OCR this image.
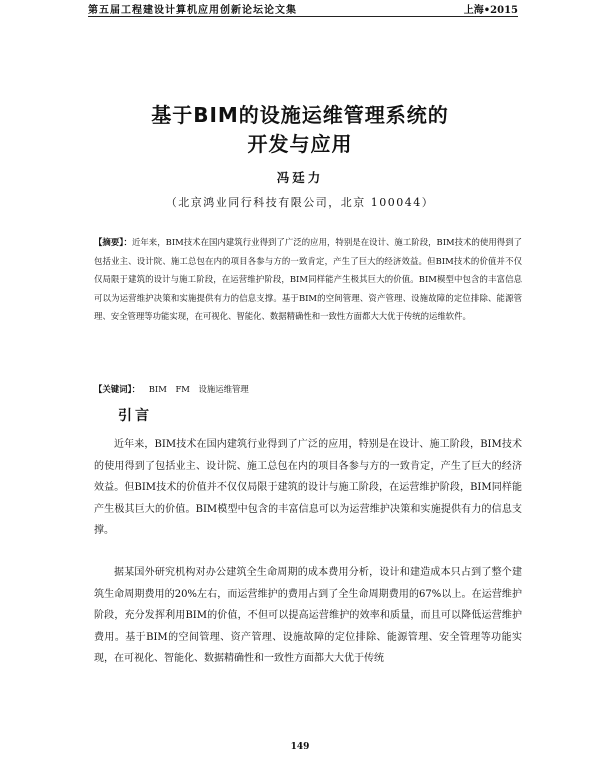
第五届工程建设计算机应用创新论坛论文集	上海•2015
基于BIM的设施运维管理系统的
开发与应用
冯廷力
（北京鸿业同行科技有限公司，北京 100044）
【摘要】：近年来，BIM技术在国内建筑行业得到了广泛的应用，特别是在设计、施工阶段，BIM技术的使用得到了包括业主、设计院、施工总包在内的项目各参与方的一致肯定，产生了巨大的经济效益。但BIM技术的价值并不仅仅局限于建筑的设计与施工阶段，在运营维护阶段，BIM同样能产生极其巨大的价值。BIM模型中包含的丰富信息可以为运营维护决策和实施提供有力的信息支撑。基于BIM的空间管理、资产管理、设施故障的定位排除、能源管理、安全管理等功能实现，在可视化、智能化、数据精确性和一致性方面都大大优于传统的运维软件。
【关键词】： BIM FM 设施运维管理
引言

近年来，BIM技术在国内建筑行业得到了广泛的应用，特别是在设计、施工阶段，BIM技术的使用得到了包括业主、设计院、施工总包在内的项目各参与方的一致肯定，产生了巨大的经济效益。但BIM技术的价值并不仅仅局限于建筑的设计与施工阶段，在运营维护阶段，BIM同样能产生极其巨大的价值。BIM模型中包含的丰富信息可以为运营维护决策和实施提供有力的信息支撑。

据某国外研究机构对办公建筑全生命周期的成本费用分析，设计和建造成本只占到了整个建筑生命周期费用的20%左右，而运营维护的费用占到了全生命周期费用的67%以上。在运营维护阶段，充分发挥利用BIM的价值，不但可以提高运营维护的效率和质量，而且可以降低运营维护费用。基于BIM的空间管理、资产管理、设施故障的定位排除、能源管理、安全管理等功能实现，在可视化、智能化、数据精确性和一致性方面都大大优于传统

149
